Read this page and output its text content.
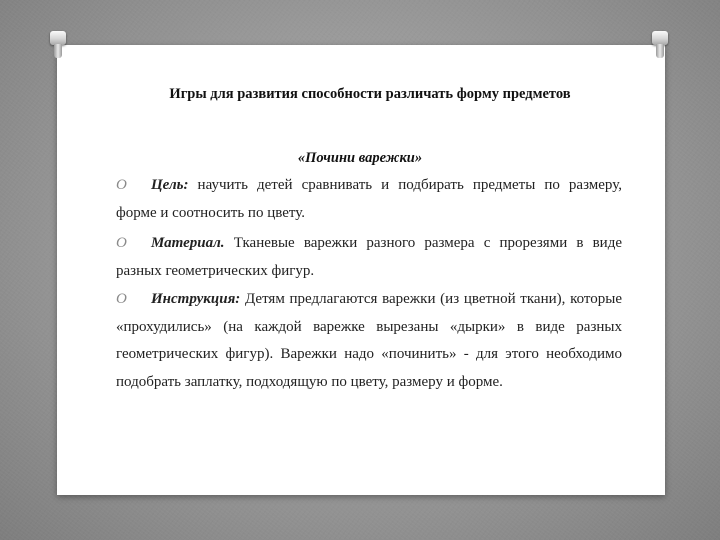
Игры для развития способности различать форму предметов
«Почини варежки»
O	Цель: научить детей сравнивать и подбирать предметы по размеру, форме и соотносить по цвету.
O	Материал. Тканевые варежки разного размера с прорезями в виде разных геометрических фигур.
O	Инструкция: Детям предлагаются варежки (из цветной ткани), которые «прохудились» (на каждой варежке вырезаны «дырки» в виде разных геометрических фигур). Варежки надо «починить» - для этого необходимо подобрать заплатку, подходящую по цвету, размеру и форме.
